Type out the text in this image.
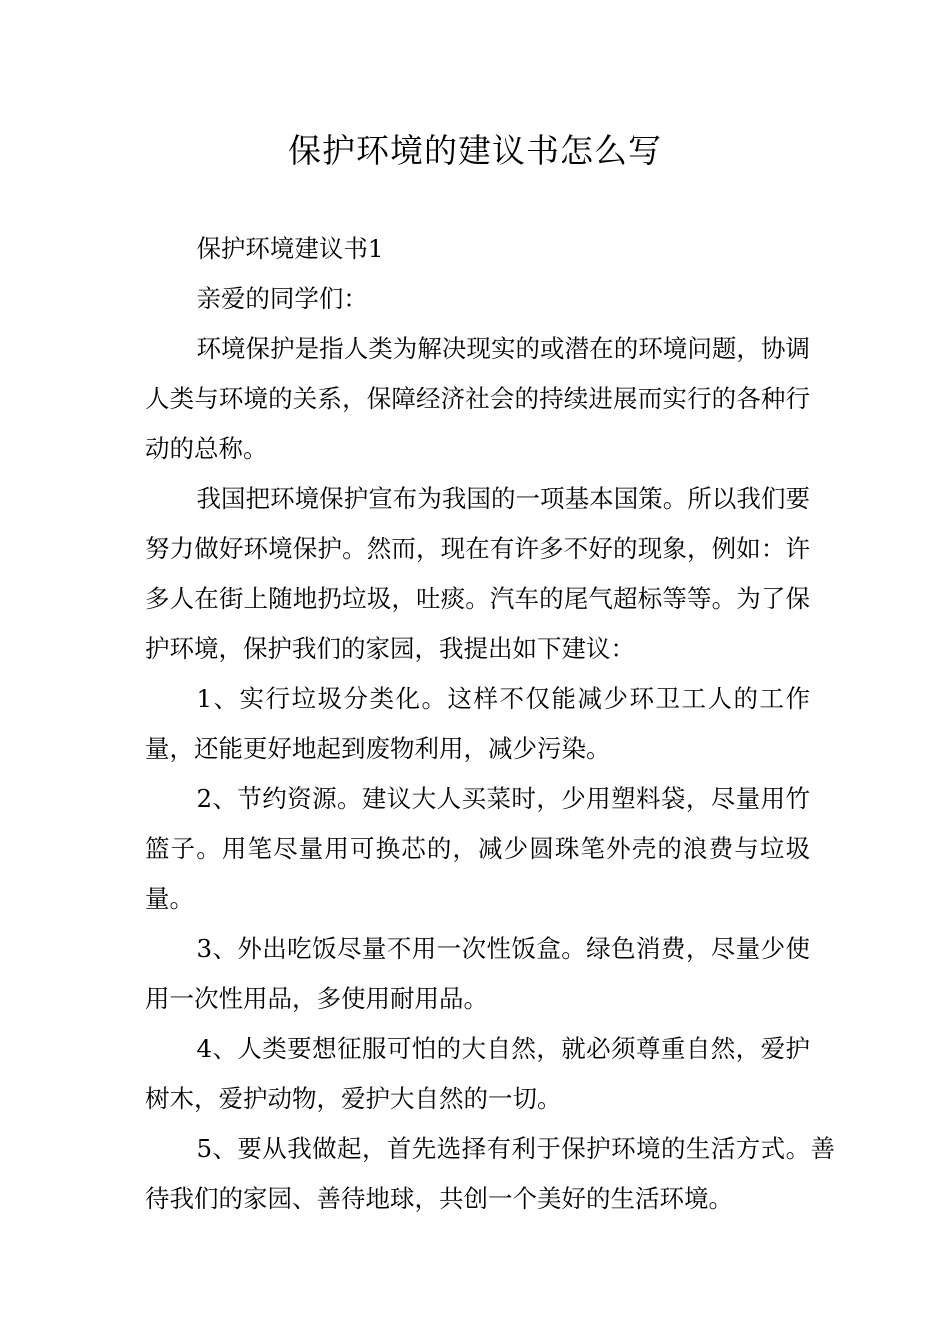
保护环境的建议书怎么写

保护环境建议书1

亲爱的同学们：

环境保护是指人类为解决现实的或潜在的环境问题，协调人类与环境的关系，保障经济社会的持续进展而实行的各种行动的总称。

我国把环境保护宣布为我国的一项基本国策。所以我们要努力做好环境保护。然而，现在有许多不好的现象，例如：许多人在街上随地扔垃圾，吐痰。汽车的尾气超标等等。为了保护环境，保护我们的家园，我提出如下建议：

1、实行垃圾分类化。这样不仅能减少环卫工人的工作量，还能更好地起到废物利用，减少污染。

2、节约资源。建议大人买菜时，少用塑料袋，尽量用竹篮子。用笔尽量用可换芯的，减少圆珠笔外壳的浪费与垃圾量。

3、外出吃饭尽量不用一次性饭盒。绿色消费，尽量少使用一次性用品，多使用耐用品。

4、人类要想征服可怕的大自然，就必须尊重自然，爱护树木，爱护动物，爱护大自然的一切。

5、要从我做起，首先选择有利于保护环境的生活方式。善待我们的家园、善待地球，共创一个美好的生活环境。
